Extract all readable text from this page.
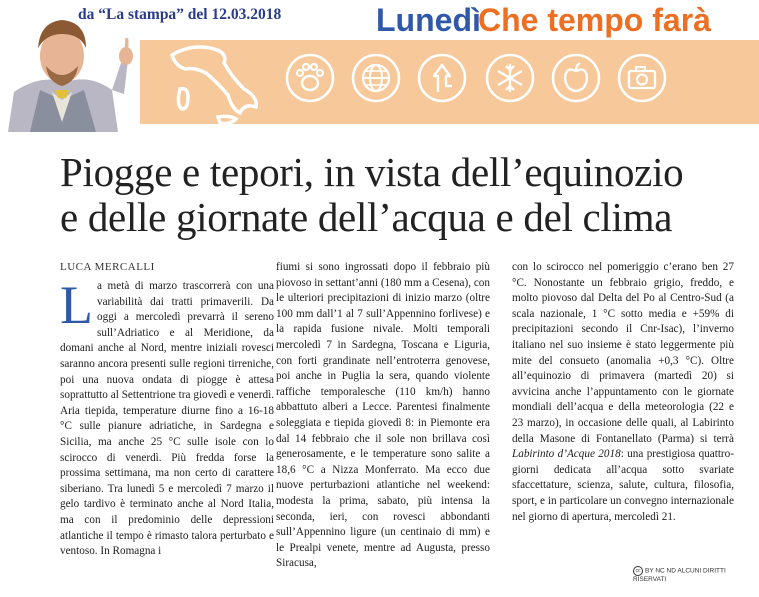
da “La stampa” del 12.03.2018	Lunedì
Che tempo farà
Piogge e tepori, in vista dell’equinozio
e delle giornate dell’acqua e del clima
LUCA MERCALLI
L a metà di marzo trascorrerà con una variabilità dai tratti primaverili. Da oggi a mercoledì prevarrà il sereno sull’Adriatico e al Meridione, da domani anche al Nord, mentre iniziali rovesci saranno ancora presenti sulle regioni tirreniche, poi una nuova ondata di piogge è attesa soprattutto al Settentrione tra giovedì e venerdì. Aria tiepida, temperature diurne fino a 16-18 °C sulle pianure adriatiche, in Sardegna e Sicilia, ma anche 25 °C sulle isole con lo scirocco di venerdì. Più fredda forse la prossima settimana, ma non certo di carattere siberiano. Tra lunedì 5 e mercoledì 7 marzo il gelo tardivo è terminato anche al Nord Italia, ma con il predominio delle depressioni atlantiche il tempo è rimasto talora perturbato e ventoso. In Romagna i

fiumi si sono ingrossati dopo il febbraio più piovoso in settant’anni (180 mm a Cesena), con le ulteriori precipitazioni di inizio marzo (oltre 100 mm dall’1 al 7 sull’Appennino forlivese) e la rapida fusione nivale. Molti temporali mercoledì 7 in Sardegna, Toscana e Liguria, con forti grandinate nell’entroterra genovese, poi anche in Puglia la sera, quando violente raffiche temporalesche (110 km/h) hanno abbattuto alberi a Lecce. Parentesi finalmente soleggiata e tiepida giovedì 8: in Piemonte era dal 14 febbraio che il sole non brillava così generosamente, e le temperature sono salite a 18,6 °C a Nizza Monferrato. Ma ecco due nuove perturbazioni atlantiche nel weekend: modesta la prima, sabato, più intensa la seconda, ieri, con rovesci abbondanti sull’Appennino ligure (un centinaio di mm) e le Prealpi venete, mentre ad Augusta, presso Siracusa,

con lo scirocco nel pomeriggio c’erano ben 27 °C. Nonostante un febbraio grigio, freddo, e molto piovoso dal Delta del Po al Centro-Sud (a scala nazionale, 1 °C sotto media e +59% di precipitazioni secondo il Cnr-Isac), l’inverno italiano nel suo insieme è stato leggermente più mite del consueto (anomalia +0,3 °C). Oltre all’equinozio di primavera (martedì 20) si avvicina anche l’appuntamento con le giornate mondiali dell’acqua e della meteorologia (22 e 23 marzo), in occasione delle quali, al Labirinto della Masone di Fontanellato (Parma) si terrà Labirinto d’Acque 2018: una prestigiosa quattro-giorni dedicata all’acqua sotto svariate sfaccettature, scienza, salute, cultura, filosofia, sport, e in particolare un convegno internazionale nel giorno di apertura, mercoledì 21.

cc BY NC ND ALCUNI DIRITTI RISERVATI
